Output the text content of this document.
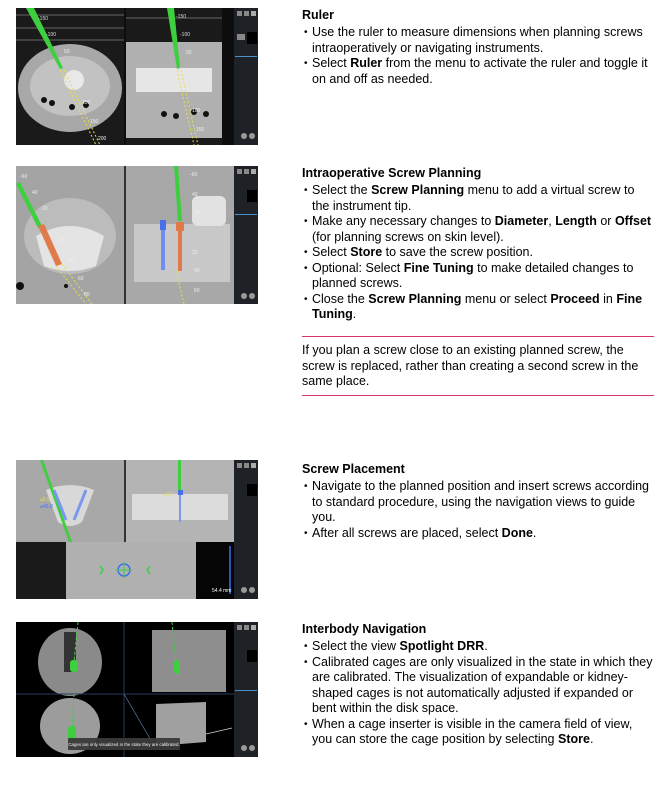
-150
-100
50
100
150
200
-150
-100
50
100
150
-60
40
20
20
40
60
80
-60
40
20
20
40
60
⌀5.5
⌀45.0
⌀6.0
54.4 mm
Cages are only visualized in the state they are calibrated.
Ruler
• Use the ruler to measure dimensions when planning screws intraoperatively or navigating instruments.
• Select Ruler from the menu to activate the ruler and toggle it on and off as needed.
Intraoperative Screw Planning
• Select the Screw Planning menu to add a virtual screw to the instrument tip.
• Make any necessary changes to Diameter, Length or Offset (for planning screws on skin level).
• Select Store to save the screw position.
• Optional: Select Fine Tuning to make detailed changes to planned screws.
• Close the Screw Planning menu or select Proceed in Fine Tuning.
If you plan a screw close to an existing planned screw, the screw is replaced, rather than creating a second screw in the same place.
Screw Placement
• Navigate to the planned position and insert screws according to standard procedure, using the navigation views to guide you.
• After all screws are placed, select Done.
Interbody Navigation
• Select the view Spotlight DRR.
• Calibrated cages are only visualized in the state in which they are calibrated. The visualization of expandable or kidney-shaped cages is not automatically adjusted if expanded or bent within the disk space.
• When a cage inserter is visible in the camera field of view, you can store the cage position by selecting Store.
